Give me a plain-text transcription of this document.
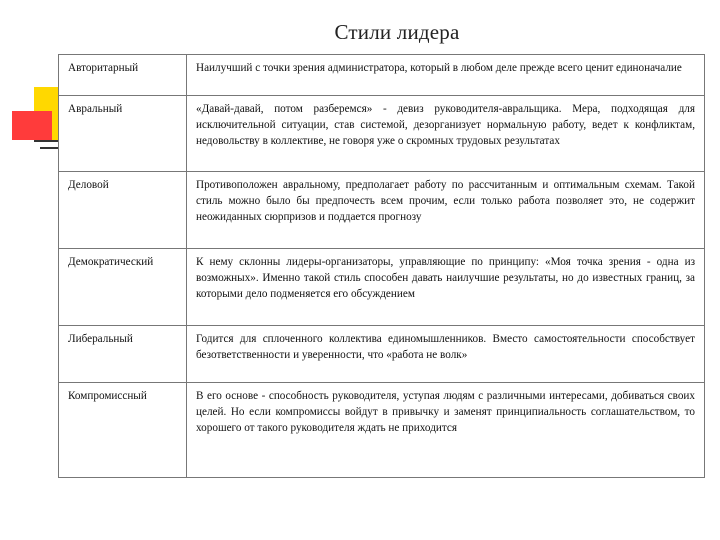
Стили лидера
Авторитарный	Наилучший с точки зрения администратора, который в любом деле прежде всего ценит единоначалие
Авральный	«Давай-давай, потом разберемся» - девиз руководителя-авральщика. Мера, подходящая для исключительной ситуации, став системой, дезорганизует нормальную работу, ведет к конфликтам, недовольству в коллективе, не говоря уже о скромных трудовых результатах
Деловой	Противоположен авральному, предполагает работу по рассчитанным и оптимальным схемам. Такой стиль можно было бы предпочесть всем прочим, если только работа позволяет это, не содержит неожиданных сюрпризов и поддается прогнозу
Демократический	К нему склонны лидеры-организаторы, управляющие по принципу: «Моя точка зрения - одна из возможных». Именно такой стиль способен давать наилучшие результаты, но до известных границ, за которыми дело подменяется его обсуждением
Либеральный	Годится для сплоченного коллектива единомышленников. Вместо самостоятельности способствует безответственности и уверенности, что «работа не волк»
Компромиссный	В его основе - способность руководителя, уступая людям с различными интересами, добиваться своих целей. Но если компромиссы войдут в привычку и заменят принципиальность соглашательством, то хорошего от такого руководителя ждать не приходится
